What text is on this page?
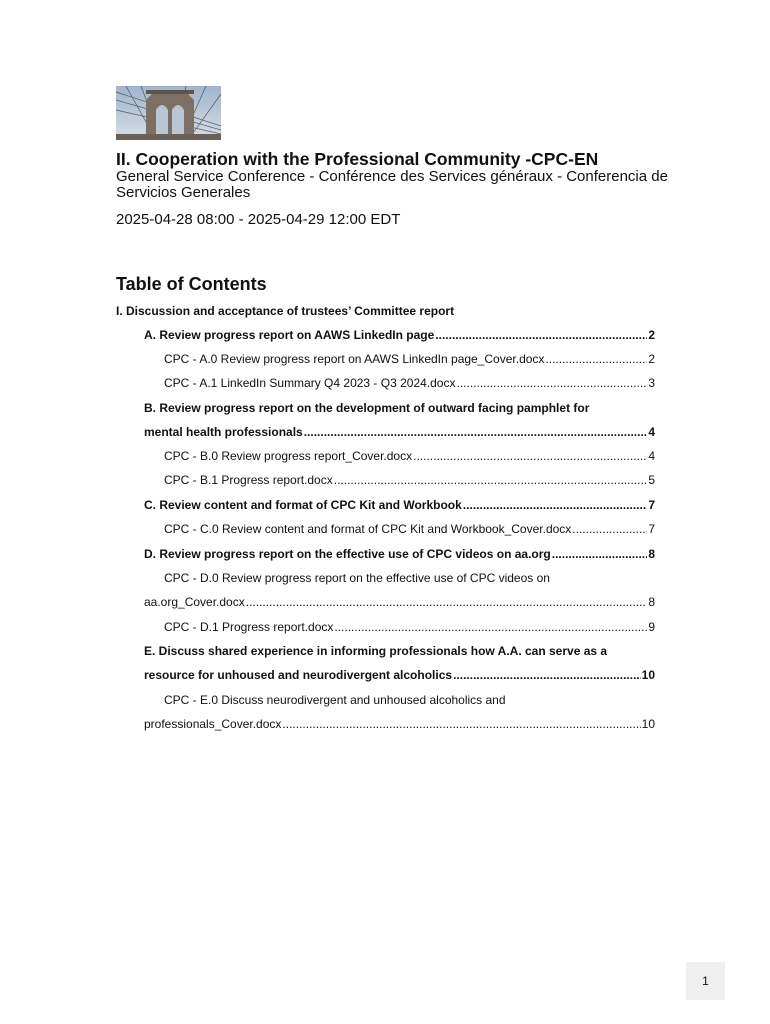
II. Cooperation with the Professional Community -CPC-EN

General Service Conference - Conférence des Services généraux - Conferencia de Servicios Generales

2025-04-28 08:00 - 2025-04-29 12:00 EDT
Table of Contents
I. Discussion and acceptance of trustees’ Committee report
A. Review progress report on AAWS LinkedIn page .....	2
CPC - A.0 Review progress report on AAWS LinkedIn page_Cover.docx .....	2
CPC - A.1 LinkedIn Summary Q4 2023 - Q3 2024.docx .....	3
B. Review progress report on the development of outward facing pamphlet for
mental health professionals .....	4
CPC - B.0 Review progress report_Cover.docx .....	4
CPC - B.1 Progress report.docx .....	5
C. Review content and format of CPC Kit and Workbook .....	7
CPC - C.0 Review content and format of CPC Kit and Workbook_Cover.docx .....	7
D. Review progress report on the effective use of CPC videos on aa.org .....	8
CPC - D.0 Review progress report on the effective use of CPC videos on
aa.org_Cover.docx .....	8
CPC - D.1 Progress report.docx .....	9
E. Discuss shared experience in informing professionals how A.A. can serve as a
resource for unhoused and neurodivergent alcoholics .....	10
CPC - E.0 Discuss neurodivergent and unhoused alcoholics and
professionals_Cover.docx .....	10
1
